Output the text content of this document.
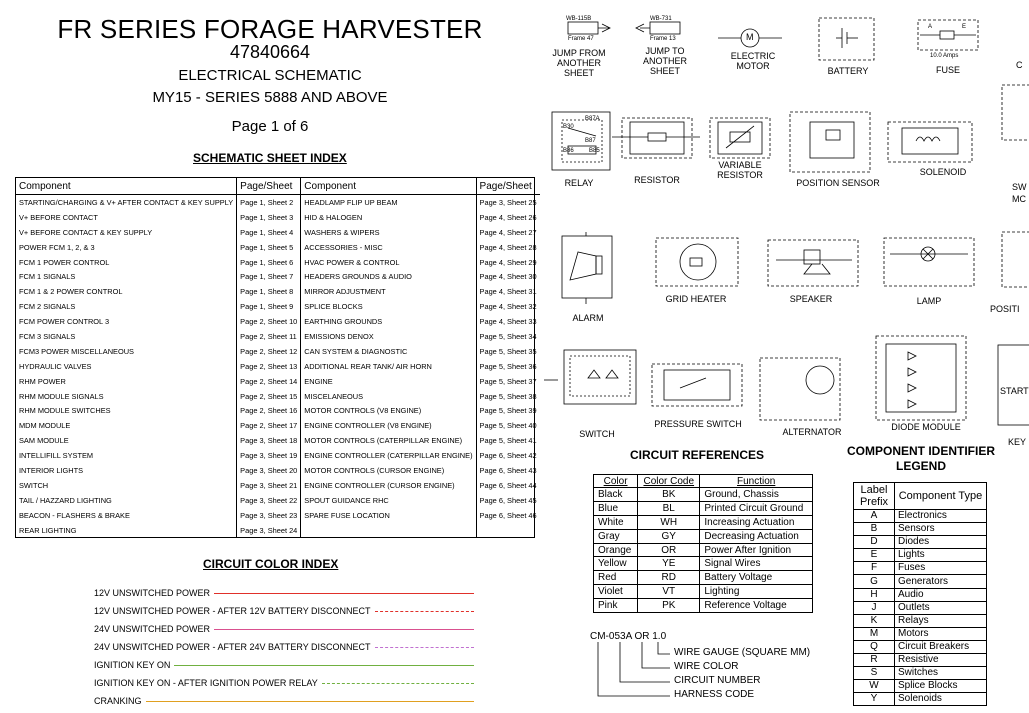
FR SERIES FORAGE HARVESTER
47840664
ELECTRICAL SCHEMATIC
MY15 - SERIES 5888 AND ABOVE
Page 1 of 6
SCHEMATIC SHEET INDEX
Component	Page/Sheet	Component	Page/Sheet
STARTING/CHARGING & V+ AFTER CONTACT & KEY SUPPLY	Page 1, Sheet 2	HEADLAMP FLIP UP BEAM	Page 3, Sheet 25
V+ BEFORE CONTACT	Page 1, Sheet 3	HID & HALOGEN	Page 4, Sheet 26
V+ BEFORE CONTACT & KEY SUPPLY	Page 1, Sheet 4	WASHERS & WIPERS	Page 4, Sheet 27
POWER FCM 1, 2, & 3	Page 1, Sheet 5	ACCESSORIES - MISC	Page 4, Sheet 28
FCM 1 POWER CONTROL	Page 1, Sheet 6	HVAC POWER & CONTROL	Page 4, Sheet 29
FCM 1 SIGNALS	Page 1, Sheet 7	HEADERS GROUNDS & AUDIO	Page 4, Sheet 30
FCM 1 & 2 POWER CONTROL	Page 1, Sheet 8	MIRROR ADJUSTMENT	Page 4, Sheet 31
FCM 2 SIGNALS	Page 1, Sheet 9	SPLICE BLOCKS	Page 4, Sheet 32
FCM POWER CONTROL 3	Page 2, Sheet 10	EARTHING GROUNDS	Page 4, Sheet 33
FCM 3 SIGNALS	Page 2, Sheet 11	EMISSIONS DENOX	Page 5, Sheet 34
FCM3 POWER MISCELLANEOUS	Page 2, Sheet 12	CAN SYSTEM & DIAGNOSTIC	Page 5, Sheet 35
HYDRAULIC VALVES	Page 2, Sheet 13	ADDITIONAL REAR TANK/ AIR HORN	Page 5, Sheet 36
RHM POWER	Page 2, Sheet 14	ENGINE	Page 5, Sheet 37
RHM MODULE SIGNALS	Page 2, Sheet 15	MISCELANEOUS	Page 5, Sheet 38
RHM MODULE SWITCHES	Page 2, Sheet 16	MOTOR CONTROLS (V8 ENGINE)	Page 5, Sheet 39
MDM MODULE	Page 2, Sheet 17	ENGINE CONTROLLER (V8 ENGINE)	Page 5, Sheet 40
SAM MODULE	Page 3, Sheet 18	MOTOR CONTROLS (CATERPILLAR ENGINE)	Page 5, Sheet 41
INTELLIFILL SYSTEM	Page 3, Sheet 19	ENGINE CONTROLLER (CATERPILLAR ENGINE)	Page 6, Sheet 42
INTERIOR LIGHTS	Page 3, Sheet 20	MOTOR CONTROLS (CURSOR ENGINE)	Page 6, Sheet 43
SWITCH	Page 3, Sheet 21	ENGINE CONTROLLER (CURSOR ENGINE)	Page 6, Sheet 44
TAIL / HAZZARD LIGHTING	Page 3, Sheet 22	SPOUT GUIDANCE RHC	Page 6, Sheet 45
BEACON - FLASHERS & BRAKE	Page 3, Sheet 23	SPARE FUSE LOCATION	Page 6, Sheet 46
REAR LIGHTING	Page 3, Sheet 24		
CIRCUIT COLOR INDEX
12V UNSWITCHED POWER
12V UNSWITCHED POWER - AFTER 12V BATTERY DISCONNECT
24V UNSWITCHED POWER
24V UNSWITCHED POWER - AFTER 24V BATTERY DISCONNECT
IGNITION KEY ON
IGNITION KEY ON - AFTER IGNITION POWER RELAY
CRANKING
WB-115B
Frame 47
JUMP FROM ANOTHER SHEET
WB-731
Frame 13
JUMP TO ANOTHER SHEET
M
ELECTRIC MOTOR	BATTERY
A	E
10.0 Amps
FUSE	C
B30
B87A
B87
B86	B85
RELAY	RESISTOR
VARIABLE RESISTOR
POSITION SENSOR
SOLENOID
SW
MC
ALARM
GRID HEATER	SPEAKER	LAMP
POSITI
SWITCH
PRESSURE SWITCH
ALTERNATOR	DIODE MODULE
START
KEY
CIRCUIT REFERENCES
Color	Color Code	Function
Black	BK	Ground, Chassis
Blue	BL	Printed Circuit Ground
White	WH	Increasing Actuation
Gray	GY	Decreasing Actuation
Orange	OR	Power After Ignition
Yellow	YE	Signal Wires
Red	RD	Battery Voltage
Violet	VT	Lighting
Pink	PK	Reference Voltage
CM-053A OR 1.0
WIRE GAUGE (SQUARE MM)
WIRE COLOR
CIRCUIT NUMBER
HARNESS CODE
COMPONENT IDENTIFIER
LEGEND
Label Prefix	Component Type
A	Electronics
B	Sensors
D	Diodes
E	Lights
F	Fuses
G	Generators
H	Audio
J	Outlets
K	Relays
M	Motors
Q	Circuit Breakers
R	Resistive
S	Switches
W	Splice Blocks
Y	Solenoids
